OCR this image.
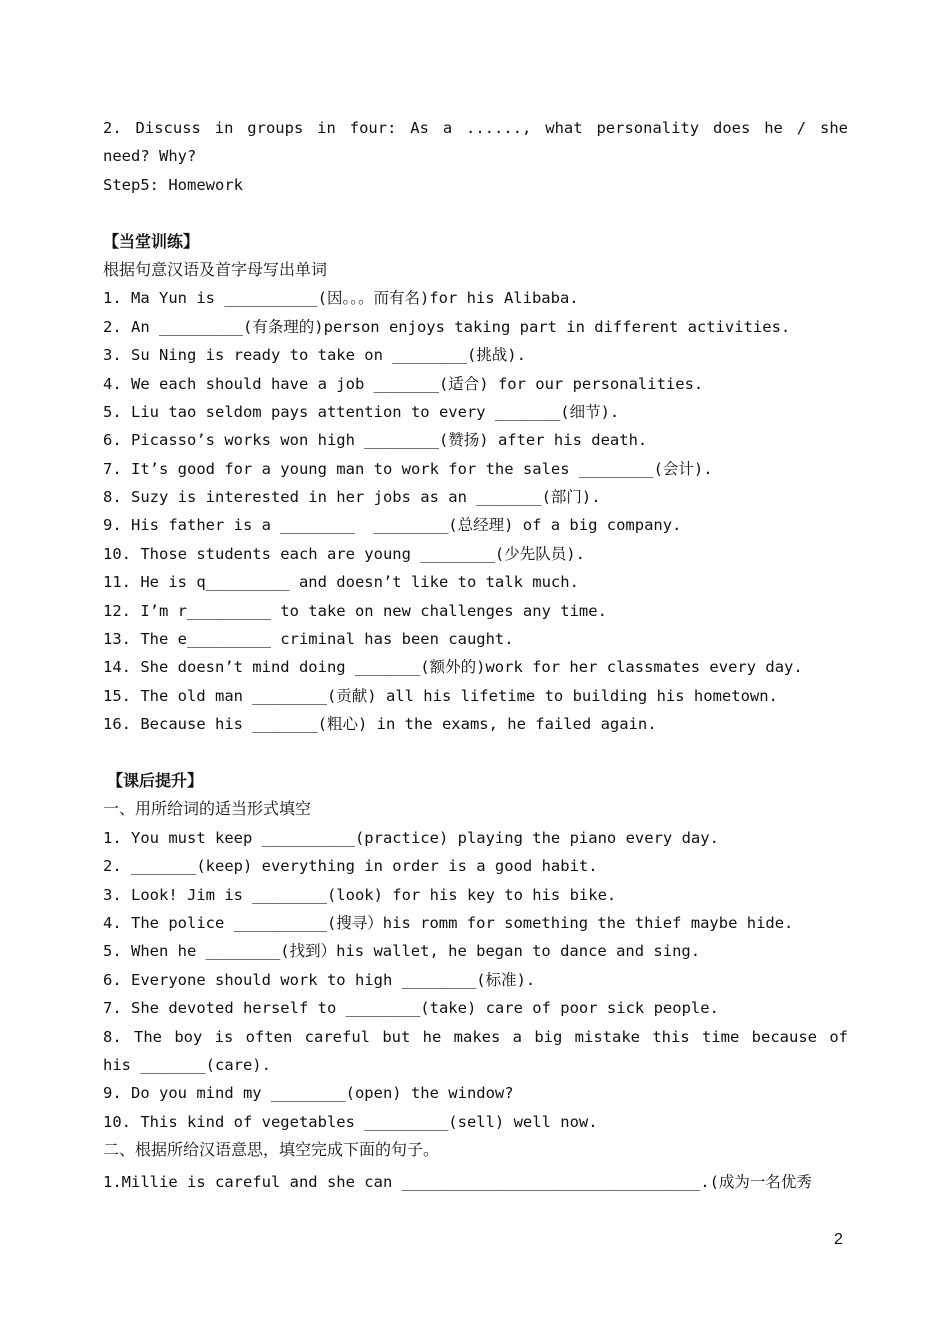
2. Discuss in groups in four: As a ......, what personality does he / she
need? Why?
Step5: Homework
【当堂训练】
根据句意汉语及首字母写出单词
1. Ma Yun is __________(因。。。而有名)for his Alibaba.
2. An _________(有条理的)person enjoys taking part in different activities.
3. Su Ning is ready to take on ________(挑战).
4. We each should have a job _______(适合) for our personalities.
5. Liu tao seldom pays attention to every _______(细节).
6. Picasso’s works won high ________(赞扬) after his death.
7. It’s good for a young man to work for the sales ________(会计).
8. Suzy is interested in her jobs as an _______(部门).
9. His father is a ________  ________(总经理) of a big company.
10. Those students each are young ________(少先队员).
11. He is q_________ and doesn’t like to talk much.
12. I’m r_________ to take on new challenges any time.
13. The e_________ criminal has been caught.
14. She doesn’t mind doing _______(额外的)work for her classmates every day.
15. The old man ________(贡献) all his lifetime to building his hometown.
16. Because his _______(粗心) in the exams, he failed again.
【课后提升】
一、用所给词的适当形式填空
1. You must keep __________(practice) playing the piano every day.
2. _______(keep) everything in order is a good habit.
3. Look! Jim is ________(look) for his key to his bike.
4. The police __________(搜寻）his romm for something the thief maybe hide.
5. When he ________(找到）his wallet, he began to dance and sing.
6. Everyone should work to high ________(标准).
7. She devoted herself to ________(take) care of poor sick people.
8. The boy is often careful but he makes a big mistake this time because of
his _______(care).
9. Do you mind my ________(open) the window?
10. This kind of vegetables _________(sell) well now.
二、根据所给汉语意思，填空完成下面的句子。
1.Millie is careful and she can ________________________________.(成为一名优秀
2
